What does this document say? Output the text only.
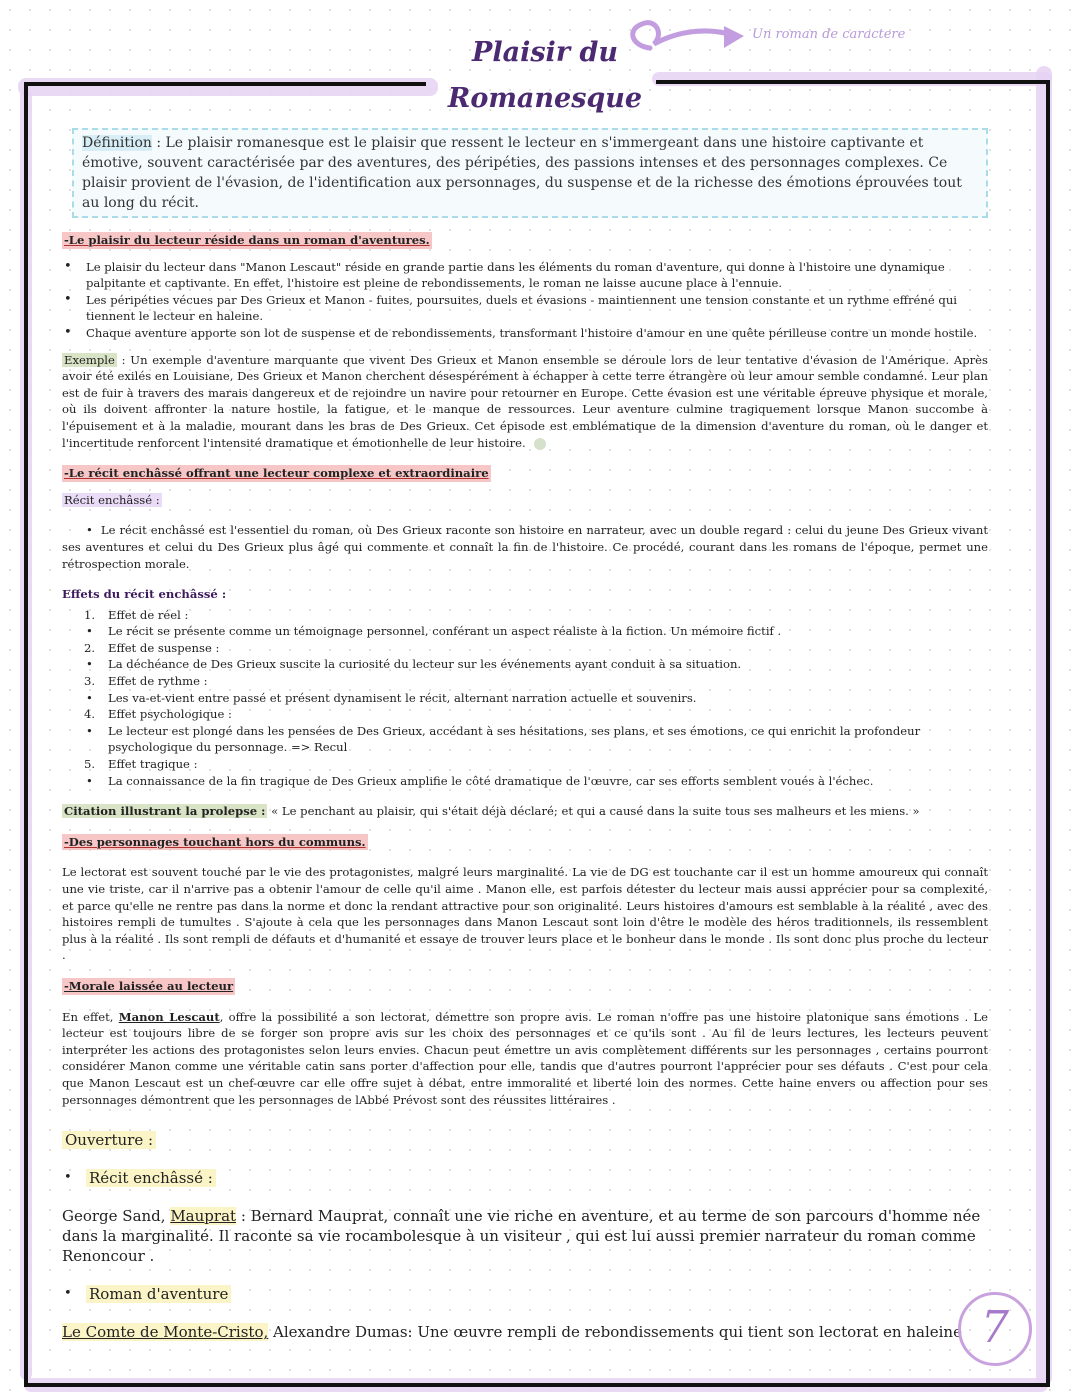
Plaisir du
Romanesque
Un roman de caractere
Définition : Le plaisir romanesque est le plaisir que ressent le lecteur en s'immergeant dans une histoire captivante et émotive, souvent caractérisée par des aventures, des péripéties, des passions intenses et des personnages complexes. Ce plaisir provient de l'évasion, de l'identification aux personnages, du suspense et de la richesse des émotions éprouvées tout au long du récit.
-Le plaisir du lecteur réside dans un roman d'aventures.
• Le plaisir du lecteur dans "Manon Lescaut" réside en grande partie dans les éléments du roman d'aventure, qui donne à l'histoire une dynamique palpitante et captivante. En effet, l'histoire est pleine de rebondissements, le roman ne laisse aucune place à l'ennuie.
• Les péripéties vécues par Des Grieux et Manon - fuites, poursuites, duels et évasions - maintiennent une tension constante et un rythme effréné qui tiennent le lecteur en haleine.
• Chaque aventure apporte son lot de suspense et de rebondissements, transformant l'histoire d'amour en une quête périlleuse contre un monde hostile.

Exemple : Un exemple d'aventure marquante que vivent Des Grieux et Manon ensemble se déroule lors de leur tentative d'évasion de l'Amérique. Après avoir été exilés en Louisiane, Des Grieux et Manon cherchent désespérément à échapper à cette terre étrangère où leur amour semble condamné. Leur plan est de fuir à travers des marais dangereux et de rejoindre un navire pour retourner en Europe. Cette évasion est une véritable épreuve physique et morale, où ils doivent affronter la nature hostile, la fatigue, et le manque de ressources. Leur aventure culmine tragiquement lorsque Manon succombe à l'épuisement et à la maladie, mourant dans les bras de Des Grieux. Cet épisode est emblématique de la dimension d'aventure du roman, où le danger et l'incertitude renforcent l'intensité dramatique et émotionhelle de leur histoire.

-Le récit enchâssé offrant une lecteur complexe et extraordinaire

Récit enchâssé :

•  Le récit enchâssé est l'essentiel du roman, où Des Grieux raconte son histoire en narrateur, avec un double regard : celui du jeune Des Grieux vivant ses aventures et celui du Des Grieux plus âgé qui commente et connaît la fin de l'histoire. Ce procédé, courant dans les romans de l'époque, permet une rétrospection morale.

Effets du récit enchâssé :

1. Effet de réel :
• Le récit se présente comme un témoignage personnel, conférant un aspect réaliste à la fiction. Un mémoire fictif .
2. Effet de suspense :
• La déchéance de Des Grieux suscite la curiosité du lecteur sur les événements ayant conduit à sa situation.
3. Effet de rythme :
• Les va-et-vient entre passé et présent dynamisent le récit, alternant narration actuelle et souvenirs.
4. Effet psychologique :
• Le lecteur est plongé dans les pensées de Des Grieux, accédant à ses hésitations, ses plans, et ses émotions, ce qui enrichit la profondeur psychologique du personnage. => Recul
5. Effet tragique :
• La connaissance de la fin tragique de Des Grieux amplifie le côté dramatique de l'œuvre, car ses efforts semblent voués à l'échec.

Citation illustrant la prolepse : « Le penchant au plaisir, qui s'était déjà déclaré; et qui a causé dans la suite tous ses malheurs et les miens. »

-Des personnages touchant hors du communs.

Le lectorat est souvent touché par le vie des protagonistes, malgré leurs marginalité. La vie de DG est touchante car il est un homme amoureux qui connaît une vie triste, car il n'arrive pas a obtenir l'amour de celle qu'il aime . Manon elle, est parfois détester du lecteur mais aussi apprécier pour sa complexité, et parce qu'elle ne rentre pas dans la norme et donc la rendant attractive pour son originalité. Leurs histoires d'amours est semblable à la réalité , avec des histoires rempli de tumultes . S'ajoute à cela que les personnages dans Manon Lescaut sont loin d'être le modèle des héros traditionnels, ils ressemblent plus à la réalité . Ils sont rempli de défauts et d'humanité et essaye de trouver leurs place et le bonheur dans le monde . Ils sont donc plus proche du lecteur .

-Morale laissée au lecteur

En effet, Manon Lescaut, offre la possibilité a son lectorat, démettre son propre avis. Le roman n'offre pas une histoire platonique sans émotions . Le lecteur est toujours libre de se forger son propre avis sur les choix des personnages et ce qu'ils sont . Au fil de leurs lectures, les lecteurs peuvent interpréter les actions des protagonistes selon leurs envies. Chacun peut émettre un avis complètement différents sur les personnages , certains pourront considérer Manon comme une véritable catin sans porter d'affection pour elle, tandis que d'autres pourront l'apprécier pour ses défauts . C'est pour cela que Manon Lescaut est un chef-œuvre car elle offre sujet à débat, entre immoralité et liberté loin des normes. Cette haine envers ou affection pour ses personnages démontrent que les personnages de lAbbé Prévost sont des réussites littéraires .

Ouverture :

• Récit enchâssé :

George Sand, Mauprat : Bernard Mauprat, connaît une vie riche en aventure, et au terme de son parcours d'homme née dans la marginalité. Il raconte sa vie rocambolesque à un visiteur , qui est lui aussi premier narrateur du roman comme Renoncour .

• Roman d'aventure

Le Comte de Monte-Cristo, Alexandre Dumas: Une œuvre rempli de rebondissements qui tient son lectorat en haleine 7
